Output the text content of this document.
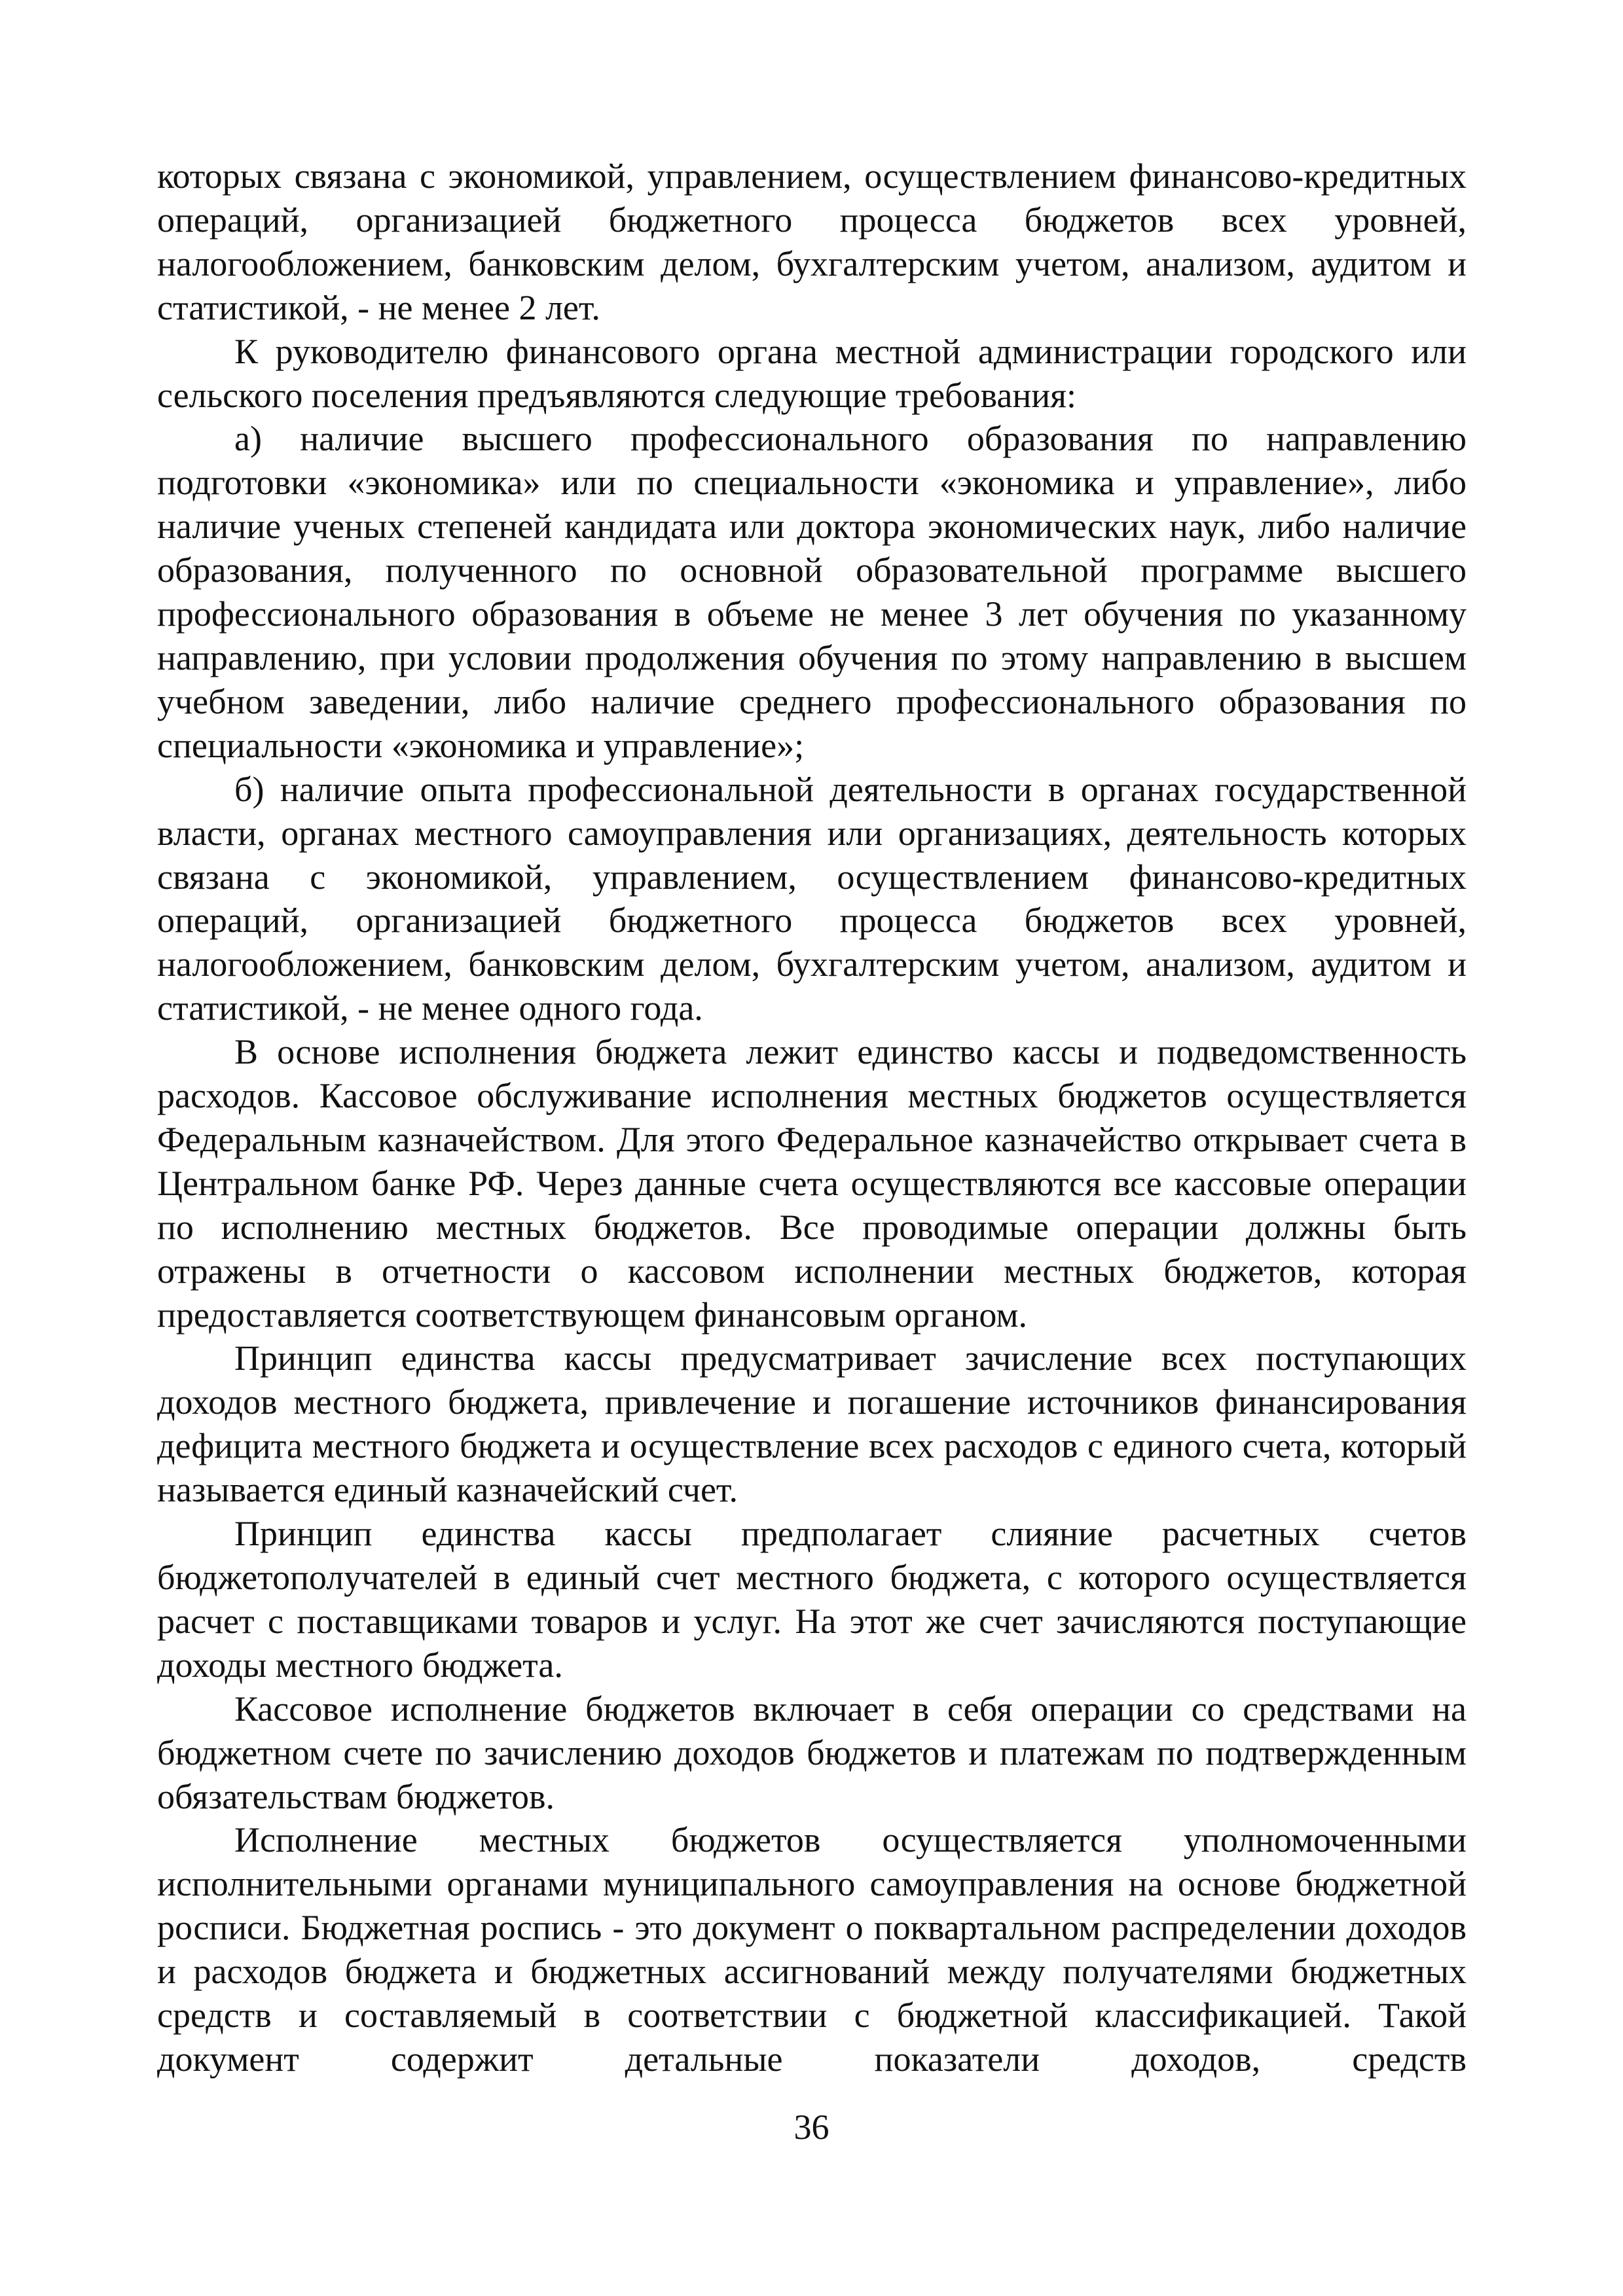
которых связана с экономикой, управлением, осуществлением финансово-кредитных операций, организацией бюджетного процесса бюджетов всех уровней, налогообложением, банковским делом, бухгалтерским учетом, анализом, аудитом и статистикой, - не менее 2 лет.

К руководителю финансового органа местной администрации городского или сельского поселения предъявляются следующие требования:

а) наличие высшего профессионального образования по направлению подготовки «экономика» или по специальности «экономика и управление», либо наличие ученых степеней кандидата или доктора экономических наук, либо наличие образования, полученного по основной образовательной программе высшего профессионального образования в объеме не менее 3 лет обучения по указанному направлению, при условии продолжения обучения по этому направлению в высшем учебном заведении, либо наличие среднего профессионального образования по специальности «экономика и управление»;

б) наличие опыта профессиональной деятельности в органах государственной власти, органах местного самоуправления или организациях, деятельность которых связана с экономикой, управлением, осуществлением финансово-кредитных операций, организацией бюджетного процесса бюджетов всех уровней, налогообложением, банковским делом, бухгалтерским учетом, анализом, аудитом и статистикой, - не менее одного года.

В основе исполнения бюджета лежит единство кассы и подведомственность расходов. Кассовое обслуживание исполнения местных бюджетов осуществляется Федеральным казначейством. Для этого Федеральное казначейство открывает счета в Центральном банке РФ. Через данные счета осуществляются все кассовые операции по исполнению местных бюджетов. Все проводимые операции должны быть отражены в отчетности о кассовом исполнении местных бюджетов, которая предоставляется соответствующем финансовым органом.

Принцип единства кассы предусматривает зачисление всех поступающих доходов местного бюджета, привлечение и погашение источников финансирования дефицита местного бюджета и осуществление всех расходов с единого счета, который называется единый казначейский счет.

Принцип единства кассы предполагает слияние расчетных счетов бюджетополучателей в единый счет местного бюджета, с которого осуществляется расчет с поставщиками товаров и услуг. На этот же счет зачисляются поступающие доходы местного бюджета.

Кассовое исполнение бюджетов включает в себя операции со средствами на бюджетном счете по зачислению доходов бюджетов и платежам по подтвержденным обязательствам бюджетов.

Исполнение местных бюджетов осуществляется уполномоченными исполнительными органами муниципального самоуправления на основе бюджетной росписи. Бюджетная роспись - это документ о поквартальном распределении доходов и расходов бюджета и бюджетных ассигнований между получателями бюджетных средств и составляемый в соответствии с бюджетной классификацией. Такой документ содержит детальные показатели доходов, средств

36
